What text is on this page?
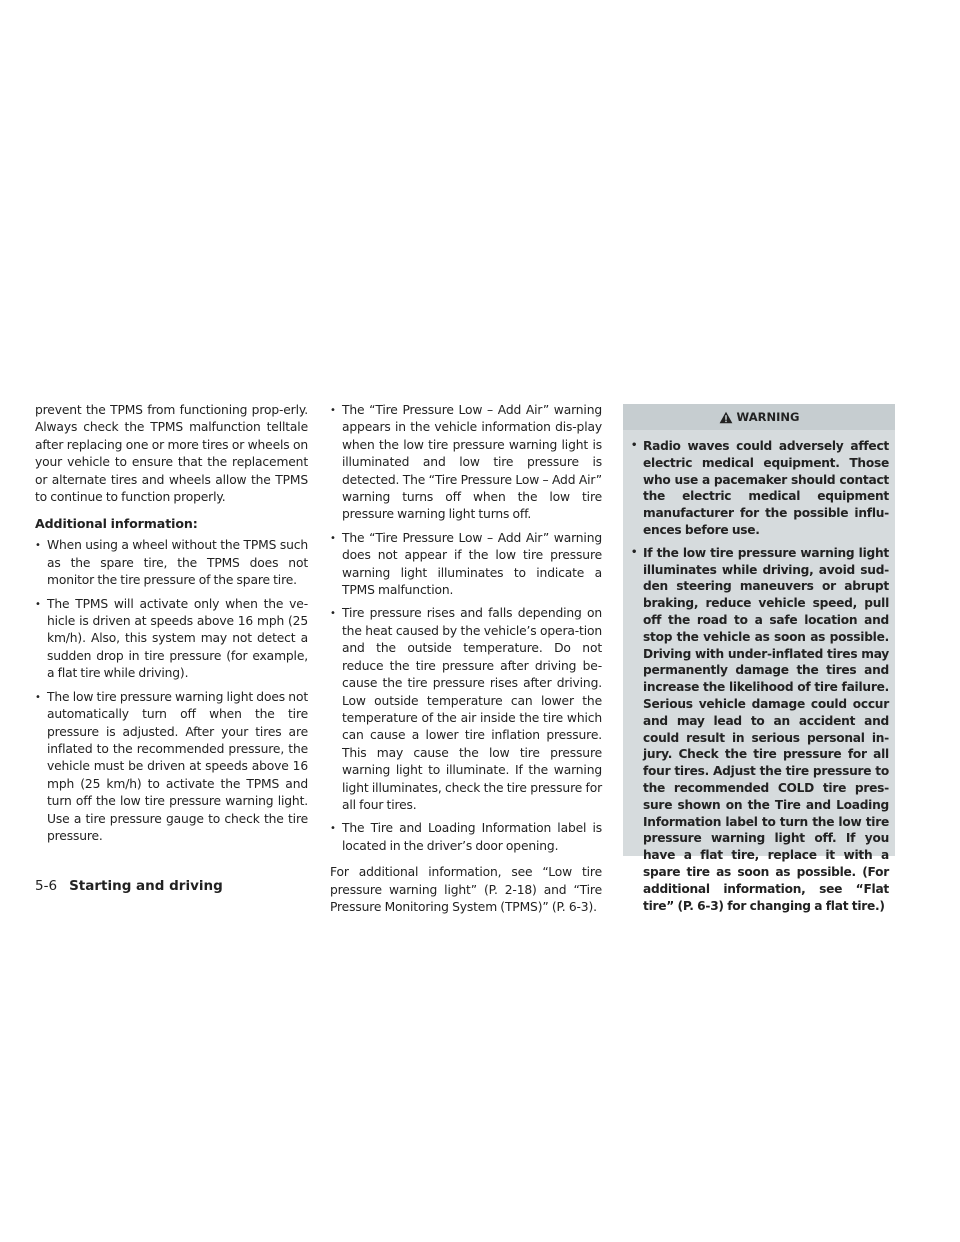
prevent the TPMS from functioning prop-erly. Always check the TPMS malfunction telltale after replacing one or more tires or wheels on your vehicle to ensure that the replacement or alternate tires and wheels allow the TPMS to continue to function properly.

Additional information:
• When using a wheel without the TPMS such as the spare tire, the TPMS does not monitor the tire pressure of the spare tire.
• The TPMS will activate only when the ve-hicle is driven at speeds above 16 mph (25 km/h). Also, this system may not detect a sudden drop in tire pressure (for example, a flat tire while driving).
• The low tire pressure warning light does not automatically turn off when the tire pressure is adjusted. After your tires are inflated to the recommended pressure, the vehicle must be driven at speeds above 16 mph (25 km/h) to activate the TPMS and turn off the low tire pressure warning light. Use a tire pressure gauge to check the tire pressure.
• The “Tire Pressure Low – Add Air” warning appears in the vehicle information dis-play when the low tire pressure warning light is illuminated and low tire pressure is detected. The “Tire Pressure Low – Add Air” warning turns off when the low tire pressure warning light turns off.
• The “Tire Pressure Low – Add Air” warning does not appear if the low tire pressure warning light illuminates to indicate a TPMS malfunction.
• Tire pressure rises and falls depending on the heat caused by the vehicle’s opera-tion and the outside temperature. Do not reduce the tire pressure after driving be-cause the tire pressure rises after driving. Low outside temperature can lower the temperature of the air inside the tire which can cause a lower tire inflation pressure. This may cause the low tire pressure warning light to illuminate. If the warning light illuminates, check the tire pressure for all four tires.
• The Tire and Loading Information label is located in the driver’s door opening.

For additional information, see “Low tire pressure warning light” (P. 2-18) and “Tire Pressure Monitoring System (TPMS)” (P. 6-3).

WARNING
• Radio waves could adversely affect electric medical equipment. Those who use a pacemaker should contact the electric medical equipment manufacturer for the possible influ-ences before use.
• If the low tire pressure warning light illuminates while driving, avoid sud-den steering maneuvers or abrupt braking, reduce vehicle speed, pull off the road to a safe location and stop the vehicle as soon as possible. Driving with under-inflated tires may permanently damage the tires and increase the likelihood of tire failure. Serious vehicle damage could occur and may lead to an accident and could result in serious personal in-jury. Check the tire pressure for all four tires. Adjust the tire pressure to the recommended COLD tire pres-sure shown on the Tire and Loading Information label to turn the low tire pressure warning light off. If you have a flat tire, replace it with a spare tire as soon as possible. (For additional information, see “Flat tire” (P. 6-3) for changing a flat tire.)
5-6 Starting and driving
